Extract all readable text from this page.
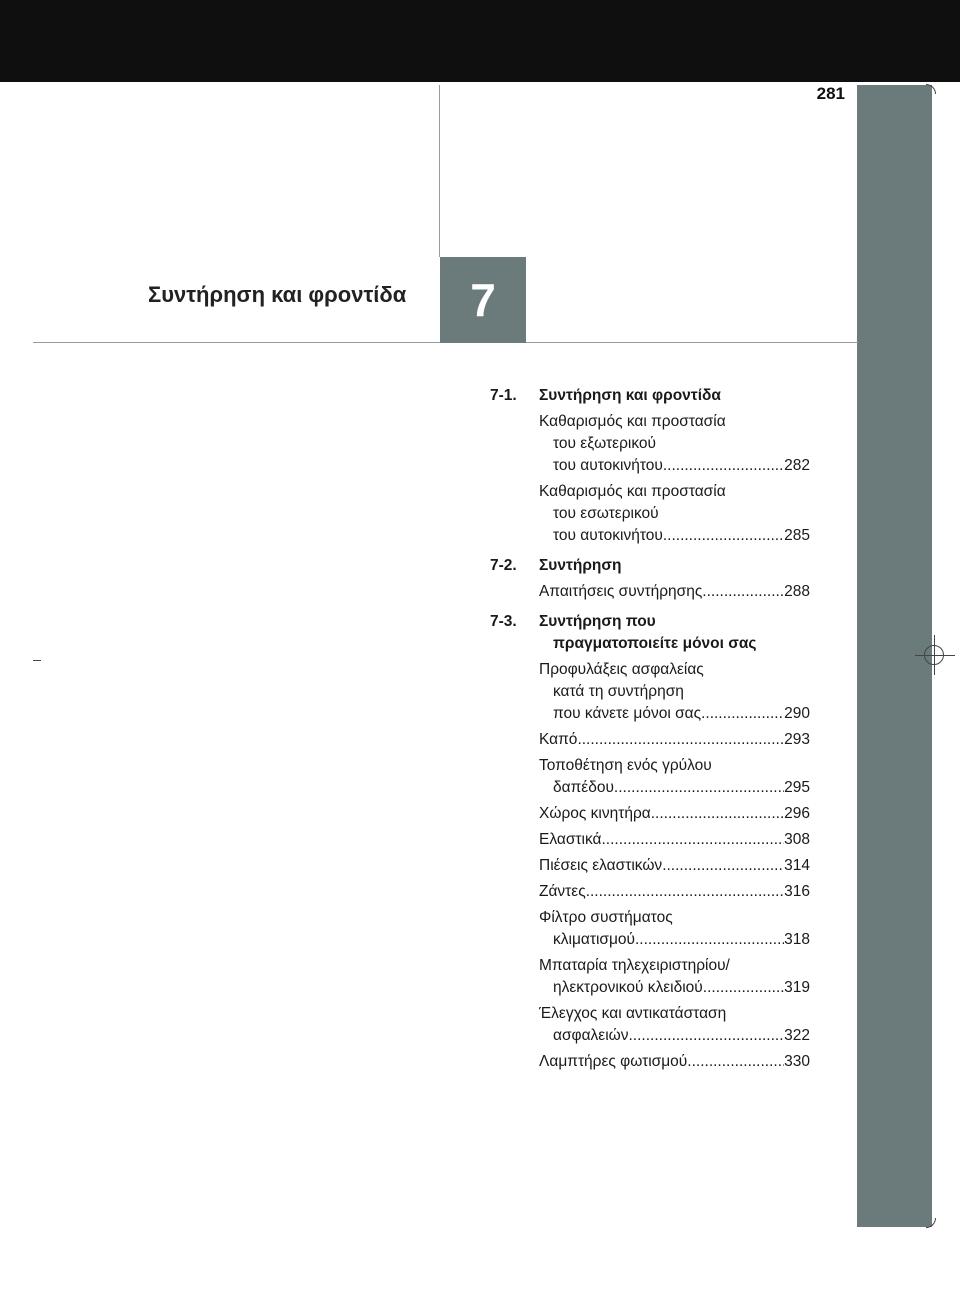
281
Συντήρηση και φροντίδα	7
7-1. Συντήρηση και φροντίδα
Καθαρισμός και προστασία
του εξωτερικού
του αυτοκινήτου .....	282
Καθαρισμός και προστασία
του εσωτερικού
του αυτοκινήτου .....	285
7-2. Συντήρηση
Απαιτήσεις συντήρησης .....	288
7-3. Συντήρηση που
πραγματοποιείτε μόνοι σας
Προφυλάξεις ασφαλείας
κατά τη συντήρηση
που κάνετε μόνοι σας .....	290
Καπό .....	293
Τοποθέτηση ενός γρύλου
δαπέδου .....	295
Χώρος κινητήρα .....	296
Ελαστικά .....	308
Πιέσεις ελαστικών .....	314
Ζάντες .....	316
Φίλτρο συστήματος
κλιματισμού .....	318
Μπαταρία τηλεχειριστηρίου/
ηλεκτρονικού κλειδιού .....	319
Έλεγχος και αντικατάσταση
ασφαλειών .....	322
Λαμπτήρες φωτισμού .....	330
